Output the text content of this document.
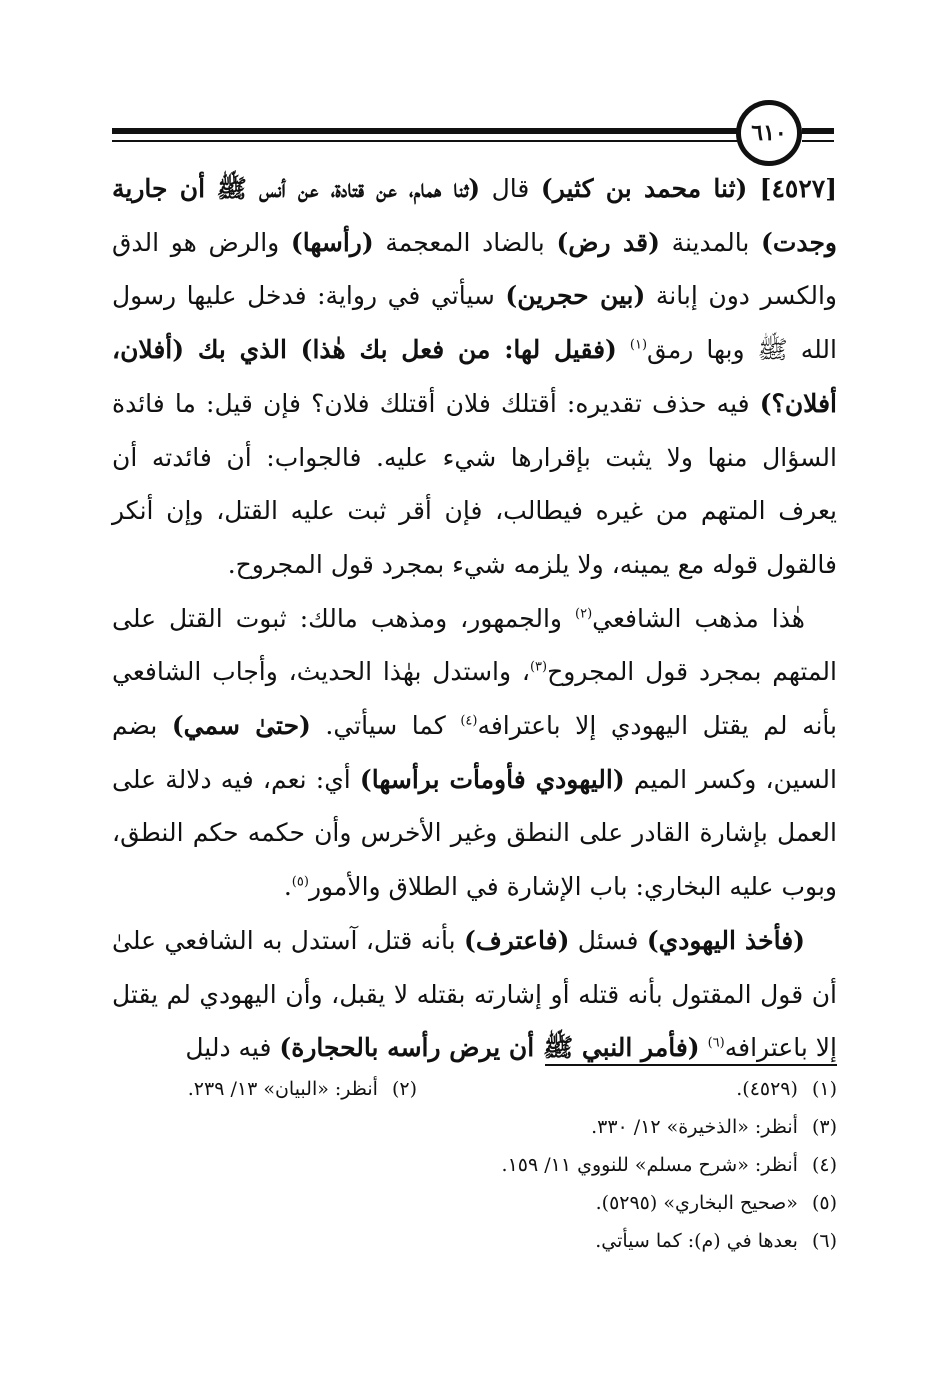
٦١٠

[٤٥٢٧] (ثنا محمد بن كثير) قال (ثنا همام، عن قتادة، عن أنس ﷺ أن جارية وجدت) بالمدينة (قد رض) بالضاد المعجمة (رأسها) والرض هو الدق والكسر دون إبانة (بين حجرين) سيأتي في رواية: فدخل عليها رسول الله ﷺ وبها رمق$^{(١)}$ (فقيل لها: من فعل بك هٰذا) الذي بك (أفلان، أفلان؟) فيه حذف تقديره: أقتلك فلان أقتلك فلان؟ فإن قيل: ما فائدة السؤال منها ولا يثبت بإقرارها شيء عليه. فالجواب: أن فائدته أن يعرف المتهم من غيره فيطالب، فإن أقر ثبت عليه القتل، وإن أنكر فالقول قوله مع يمينه، ولا يلزمه شيء بمجرد قول المجروح.

هٰذا مذهب الشافعي$^{(٢)}$ والجمهور، ومذهب مالك: ثبوت القتل على المتهم بمجرد قول المجروح$^{(٣)}$، واستدل بهٰذا الحديث، وأجاب الشافعي بأنه لم يقتل اليهودي إلا باعترافه$^{(٤)}$ كما سيأتي. (حتىٰ سمي) بضم السين، وكسر الميم (اليهودي فأومأت برأسها) أي: نعم، فيه دلالة على العمل بإشارة القادر على النطق وغير الأخرس وأن حكمه حكم النطق، وبوب عليه البخاري: باب الإشارة في الطلاق والأمور$^{(٥)}$.

(فأخذ اليهودي) فسئل (فاعترف) بأنه قتل، آستدل به الشافعي علىٰ أن قول المقتول بأنه قتله أو إشارته بقتله لا يقبل، وأن اليهودي لم يقتل إلا باعترافه$^{(٦)}$ (فأمر النبي ﷺ أن يرض رأسه بالحجارة) فيه دليل

(١)(٤٥٢٩).
(٢)أنظر: «البيان» ١٣/ ٢٣٩.
(٣)أنظر: «الذخيرة» ١٢/ ٣٣٠.
(٤)أنظر: «شرح مسلم» للنووي ١١/ ١٥٩.
(٥)«صحيح البخاري» (٥٢٩٥).
(٦)بعدها في (م): كما سيأتي.
